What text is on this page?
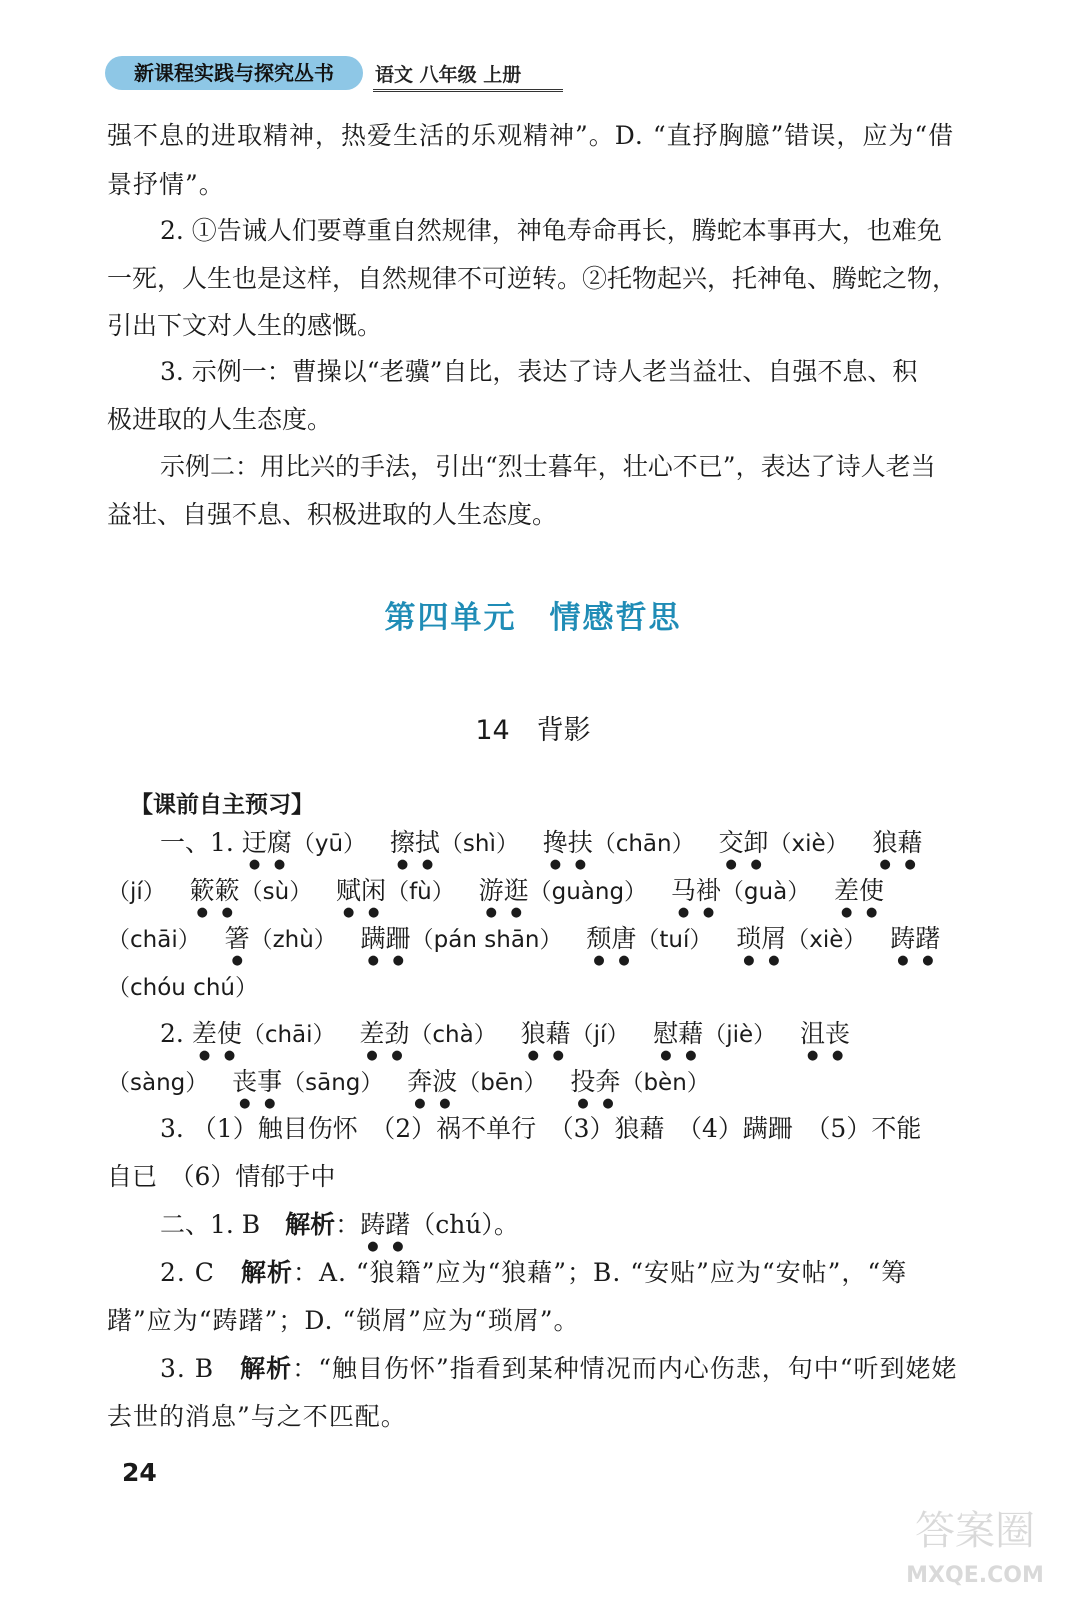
新课程实践与探究丛书	语文 八年级 上册
强不息的进取精神，热爱生活的乐观精神”。D. “直抒胸臆”错误，应为“借
景抒情”。
2. ①告诫人们要尊重自然规律，神龟寿命再长，腾蛇本事再大，也难免
一死，人生也是这样，自然规律不可逆转。②托物起兴，托神龟、腾蛇之物，
引出下文对人生的感慨。
3. 示例一：曹操以“老骥”自比，表达了诗人老当益壮、自强不息、积
极进取的人生态度。
示例二：用比兴的手法，引出“烈士暮年，壮心不已”，表达了诗人老当
益壮、自强不息、积极进取的人生态度。
第四单元　情感哲思
14　背影
【课前自主预习】
一、1. 迂腐（yū） 擦拭（shì） 搀扶（chān） 交卸（xiè） 狼藉
（jí） 簌簌（sù） 赋闲（fù） 游逛（guàng） 马褂（guà） 差使
（chāi） 箸（zhù） 蹒跚（pán shān） 颓唐（tuí） 琐屑（xiè） 踌躇
（chóu chú）
2. 差使（chāi） 差劲（chà） 狼藉（jí） 慰藉（jiè） 沮丧
（sàng） 丧事（sāng） 奔波（bēn） 投奔（bèn）
3. （1）触目伤怀　（2）祸不单行　（3）狼藉　（4）蹒跚　（5）不能
自已　（6）情郁于中
二、1. B　解析：踌躇（chú）。
2. C　解析：A. “狼籍”应为“狼藉”；B. “安贴”应为“安帖”，“筹
躇”应为“踌躇”；D. “锁屑”应为“琐屑”。
3. B　解析：“触目伤怀”指看到某种情况而内心伤悲，句中“听到姥姥
去世的消息”与之不匹配。
24
答案圈
MXQE.COM
